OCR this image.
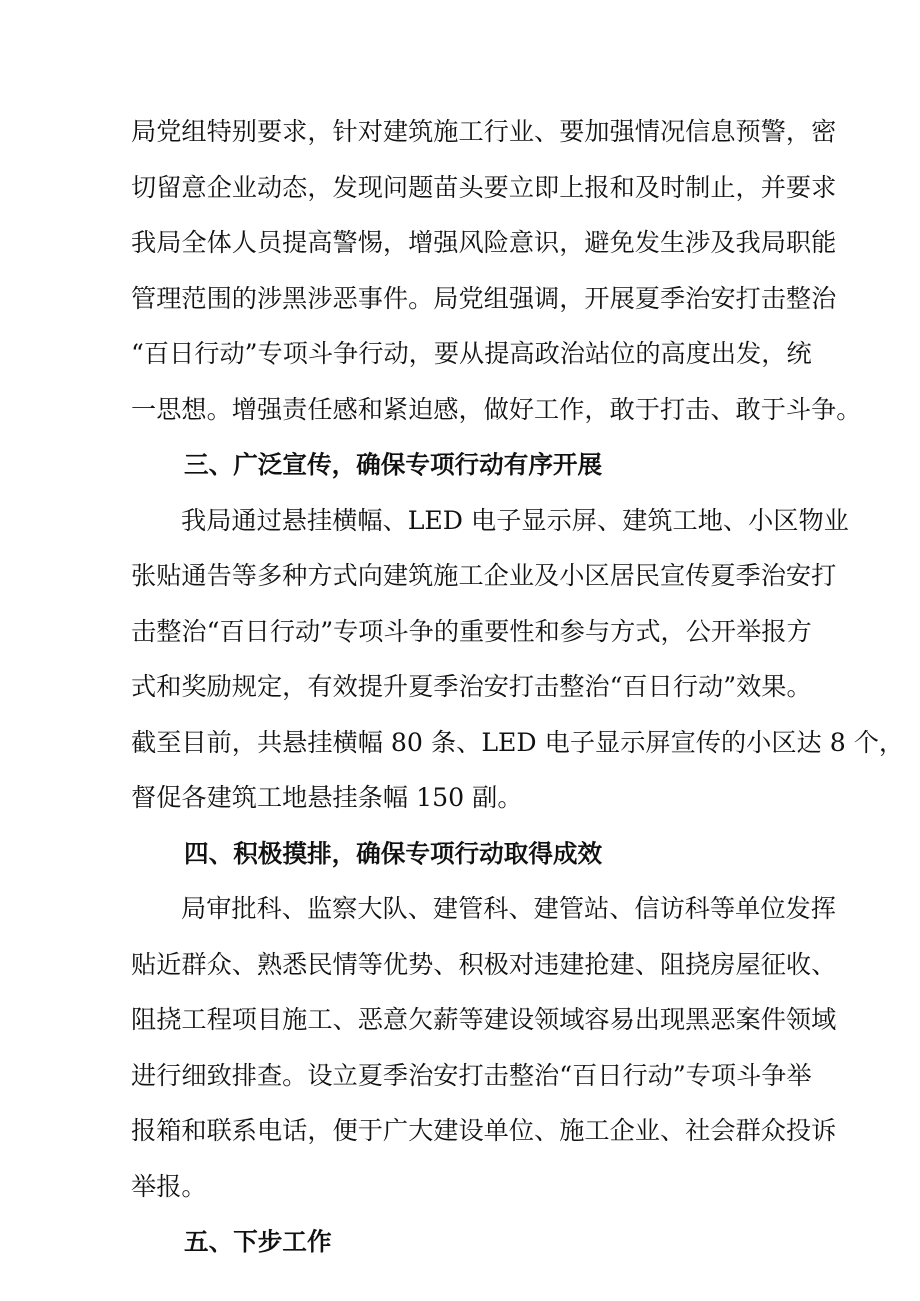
局党组特别要求，针对建筑施工行业、要加强情况信息预警，密
切留意企业动态，发现问题苗头要立即上报和及时制止，并要求
我局全体人员提高警惕，增强风险意识，避免发生涉及我局职能
管理范围的涉黑涉恶事件。局党组强调，开展夏季治安打击整治
“百日行动”专项斗争行动，要从提高政治站位的高度出发，统
一思想。增强责任感和紧迫感，做好工作，敢于打击、敢于斗争。
三、广泛宣传，确保专项行动有序开展
我局通过悬挂横幅、LED 电子显示屏、建筑工地、小区物业
张贴通告等多种方式向建筑施工企业及小区居民宣传夏季治安打
击整治“百日行动”专项斗争的重要性和参与方式，公开举报方
式和奖励规定，有效提升夏季治安打击整治“百日行动”效果。
截至目前，共悬挂横幅 80 条、LED 电子显示屏宣传的小区达 8 个，
督促各建筑工地悬挂条幅 150 副。
四、积极摸排，确保专项行动取得成效
局审批科、监察大队、建管科、建管站、信访科等单位发挥
贴近群众、熟悉民情等优势、积极对违建抢建、阻挠房屋征收、
阻挠工程项目施工、恶意欠薪等建设领域容易出现黑恶案件领域
进行细致排查。设立夏季治安打击整治“百日行动”专项斗争举
报箱和联系电话，便于广大建设单位、施工企业、社会群众投诉
举报。
五、下步工作
